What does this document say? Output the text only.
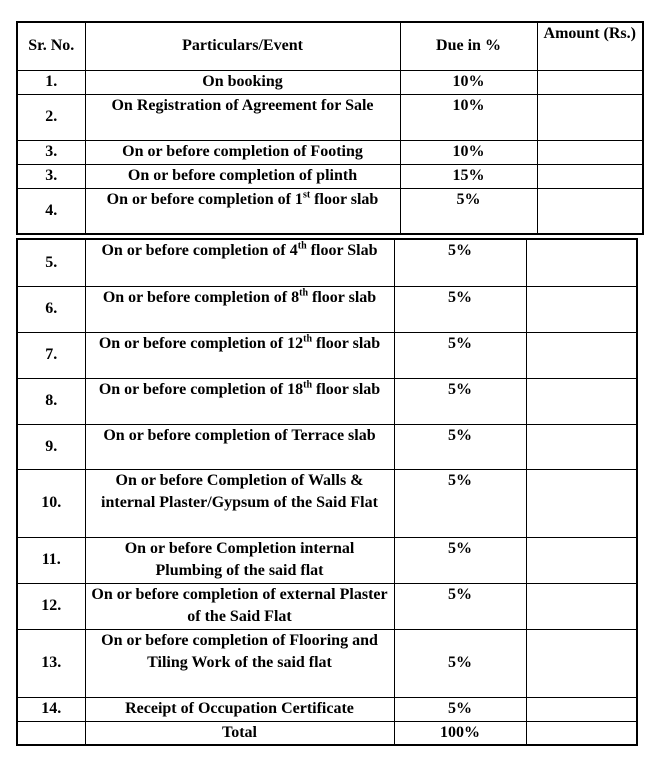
Sr. No.	Particulars/Event	Due in %	Amount (Rs.)
1.	On booking	10%	
2.	On Registration of Agreement for Sale	10%	
3.	On or before completion of Footing	10%	
3.	On or before completion of plinth	15%	
4.	On or before completion of 1st floor slab	5%	
5.	On or before completion of 4th floor Slab	5%	
6.	On or before completion of 8th floor slab	5%	
7.	On or before completion of 12th floor slab	5%	
8.	On or before completion of 18th floor slab	5%	
9.	On or before completion of Terrace slab	5%	
10.	On or before Completion of Walls & internal Plaster/Gypsum of the Said Flat	5%	
11.	On or before Completion internal Plumbing of the said flat	5%	
12.	On or before completion of external Plaster of the Said Flat	5%	
13.	On or before completion of Flooring and Tiling Work of the said flat	5%	
14.	Receipt of Occupation Certificate	5%	
	Total	100%	
